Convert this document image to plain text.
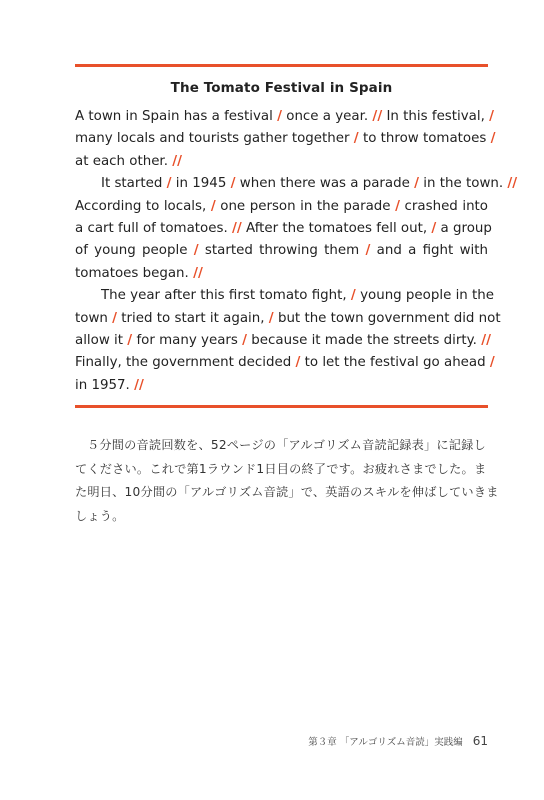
The Tomato Festival in Spain

A town in Spain has a festival / once a year. // In this festival, /
many locals and tourists gather together / to throw tomatoes /
at each other. //

It started / in 1945 / when there was a parade / in the town. //
According to locals, / one person in the parade / crashed into
a cart full of tomatoes. // After the tomatoes fell out, / a group
of young people / started throwing them / and a fight with
tomatoes began. //

The year after this first tomato fight, / young people in the
town / tried to start it again, / but the town government did not
allow it / for many years / because it made the streets dirty. //
Finally, the government decided / to let the festival go ahead /
in 1957. //

５分間の音読回数を、52ページの「アルゴリズム音読記録表」に記録し
てください。これで第1ラウンド1日目の終了です。お疲れさまでした。ま
た明日、10分間の「アルゴリズム音読」で、英語のスキルを伸ばしていきま
しょう。
第３章 「アルゴリズム音読」実践編 61
